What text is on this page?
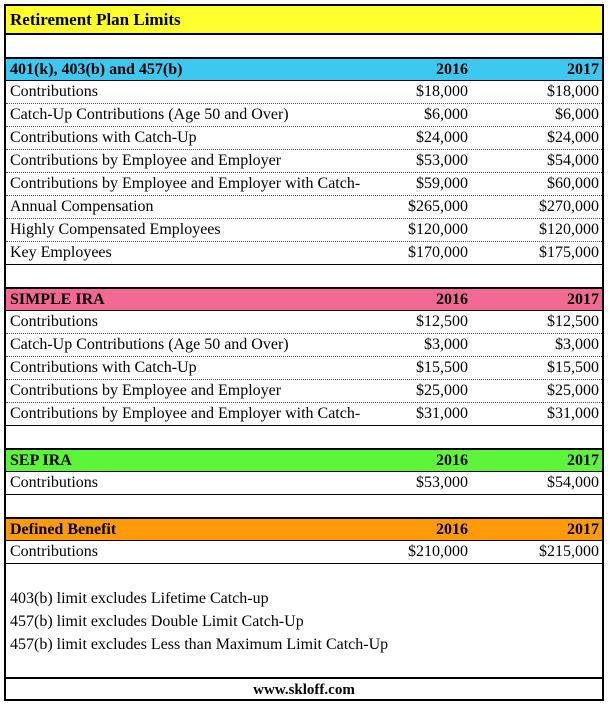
Retirement Plan Limits
401(k), 403(b) and 457(b)	2016	2017
Contributions	$18,000	$18,000
Catch-Up Contributions (Age 50 and Over)	$6,000	$6,000
Contributions with Catch-Up	$24,000	$24,000
Contributions by Employee and Employer	$53,000	$54,000
Contributions by Employee and Employer with Catch-	$59,000	$60,000
Annual Compensation	$265,000	$270,000
Highly Compensated Employees	$120,000	$120,000
Key Employees	$170,000	$175,000
SIMPLE IRA	2016	2017
Contributions	$12,500	$12,500
Catch-Up Contributions (Age 50 and Over)	$3,000	$3,000
Contributions with Catch-Up	$15,500	$15,500
Contributions by Employee and Employer	$25,000	$25,000
Contributions by Employee and Employer with Catch-	$31,000	$31,000
SEP IRA	2016	2017
Contributions	$53,000	$54,000
Defined Benefit	2016	2017
Contributions	$210,000	$215,000
403(b) limit excludes Lifetime Catch-up
457(b) limit excludes Double Limit Catch-Up
457(b) limit excludes Less than Maximum Limit Catch-Up
www.skloff.com
